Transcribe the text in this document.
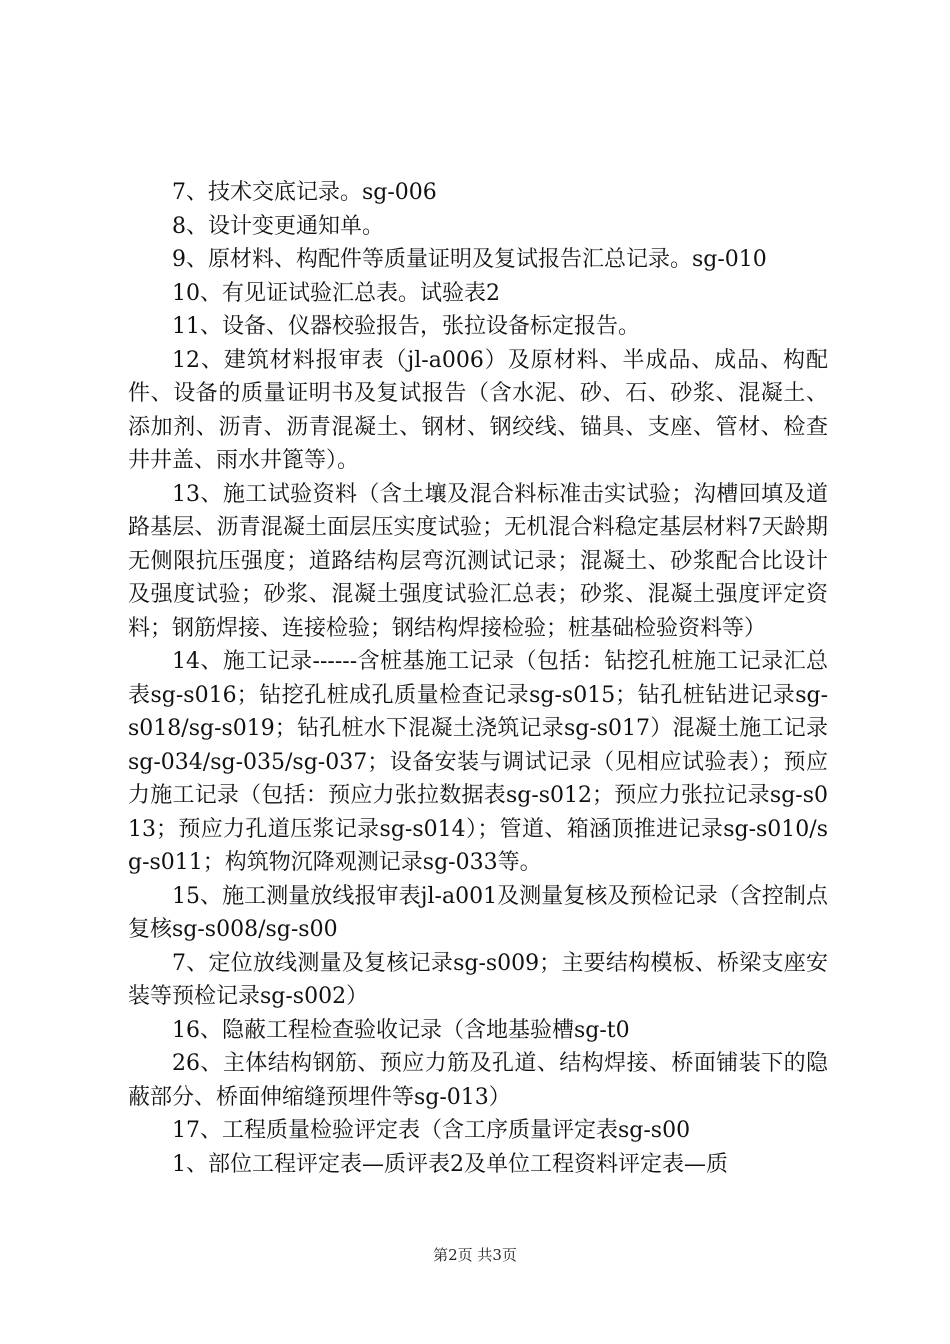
7、技术交底记录。sg-006

8、设计变更通知单。

9、原材料、构配件等质量证明及复试报告汇总记录。sg-010

10、有见证试验汇总表。试验表2

11、设备、仪器校验报告，张拉设备标定报告。

12、建筑材料报审表（jl-a006）及原材料、半成品、成品、构配件、设备的质量证明书及复试报告（含水泥、砂、石、砂浆、混凝土、添加剂、沥青、沥青混凝土、钢材、钢绞线、锚具、支座、管材、检查井井盖、雨水井篦等）。

13、施工试验资料（含土壤及混合料标准击实试验；沟槽回填及道路基层、沥青混凝土面层压实度试验；无机混合料稳定基层材料7天龄期无侧限抗压强度；道路结构层弯沉测试记录；混凝土、砂浆配合比设计及强度试验；砂浆、混凝土强度试验汇总表；砂浆、混凝土强度评定资料；钢筋焊接、连接检验；钢结构焊接检验；桩基础检验资料等）

14、施工记录------含桩基施工记录（包括：钻挖孔桩施工记录汇总表sg-s016；钻挖孔桩成孔质量检查记录sg-s015；钻孔桩钻进记录sg-s018/sg-s019；钻孔桩水下混凝土浇筑记录sg-s017）混凝土施工记录sg-034/sg-035/sg-037；设备安装与调试记录（见相应试验表）；预应力施工记录（包括：预应力张拉数据表sg-s012；预应力张拉记录sg-s013；预应力孔道压浆记录sg-s014）；管道、箱涵顶推进记录sg-s010/sg-s011；构筑物沉降观测记录sg-033等。

15、施工测量放线报审表jl-a001及测量复核及预检记录（含控制点复核sg-s008/sg-s00

7、定位放线测量及复核记录sg-s009；主要结构模板、桥梁支座安装等预检记录sg-s002）

16、隐蔽工程检查验收记录（含地基验槽sg-t0

26、主体结构钢筋、预应力筋及孔道、结构焊接、桥面铺装下的隐蔽部分、桥面伸缩缝预埋件等sg-013）

17、工程质量检验评定表（含工序质量评定表sg-s00

1、部位工程评定表—质评表2及单位工程资料评定表—质

第2页 共3页
